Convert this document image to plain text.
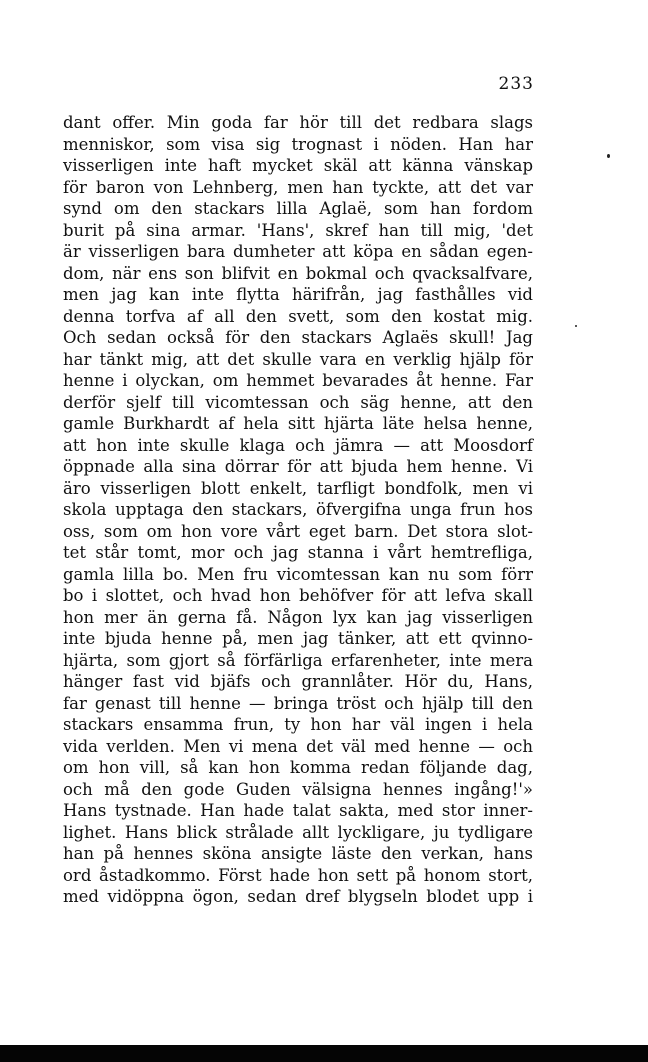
233
dant offer. Min goda far hör till det redbara slags
menniskor, som visa sig trognast i nöden. Han har
visserligen inte haft mycket skäl att känna vänskap
för baron von Lehnberg, men han tyckte, att det var
synd om den stackars lilla Aglaë, som han fordom
burit på sina armar. 'Hans', skref han till mig, 'det
är visserligen bara dumheter att köpa en sådan egen-
dom, när ens son blifvit en bokmal och qvacksalfvare,
men jag kan inte flytta härifrån, jag fasthålles vid
denna torfva af all den svett, som den kostat mig.
Och sedan också för den stackars Aglaës skull! Jag
har tänkt mig, att det skulle vara en verklig hjälp för
henne i olyckan, om hemmet bevarades åt henne. Far
derför sjelf till vicomtessan och säg henne, att den
gamle Burkhardt af hela sitt hjärta läte helsa henne,
att hon inte skulle klaga och jämra — att Moosdorf
öppnade alla sina dörrar för att bjuda hem henne. Vi
äro visserligen blott enkelt, tarfligt bondfolk, men vi
skola upptaga den stackars, öfvergifna unga frun hos
oss, som om hon vore vårt eget barn. Det stora slot-
tet står tomt, mor och jag stanna i vårt hemtrefliga,
gamla lilla bo. Men fru vicomtessan kan nu som förr
bo i slottet, och hvad hon behöfver för att lefva skall
hon mer än gerna få. Någon lyx kan jag visserligen
inte bjuda henne på, men jag tänker, att ett qvinno-
hjärta, som gjort så förfärliga erfarenheter, inte mera
hänger fast vid bjäfs och grannlåter. Hör du, Hans,
far genast till henne — bringa tröst och hjälp till den
stackars ensamma frun, ty hon har väl ingen i hela
vida verlden. Men vi mena det väl med henne — och
om hon vill, så kan hon komma redan följande dag,
och må den gode Guden välsigna hennes ingång!'»
Hans tystnade. Han hade talat sakta, med stor inner-
lighet. Hans blick strålade allt lyckligare, ju tydligare
han på hennes sköna ansigte läste den verkan, hans
ord åstadkommo. Först hade hon sett på honom stort,
med vidöppna ögon, sedan dref blygseln blodet upp i
